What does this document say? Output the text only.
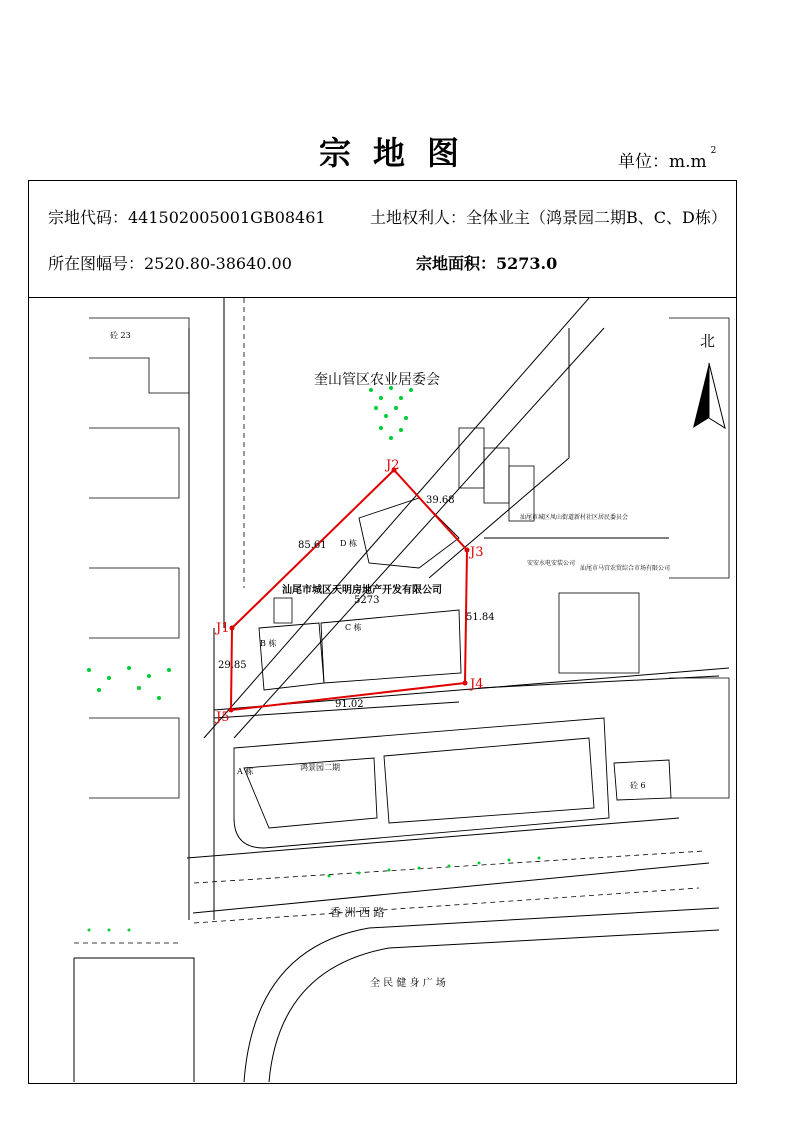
宗地图	单位：$m.m^2$
宗地代码：441502005001GB08461	土地权利人：全体业主（鸿景园二期B、C、D栋）
所在图幅号：2520.80-38640.00	宗地面积：5273.0
北
奎山管区农业居委会
汕尾市城区天明房地产开发有限公司
5273
香 洲 西 路
全 民 健 身 广 场
B 栋
C 栋
D 栋
A 栋	鸿景园二期
汕尾市城区凤山街道新村社区居民委员会
安安水电安装公司
汕尾市马宫农贸综合市场有限公司
砼 23
砼 6
J1
J2
J3
J4
J5
85.61
39.68
51.84
91.02
29.85
